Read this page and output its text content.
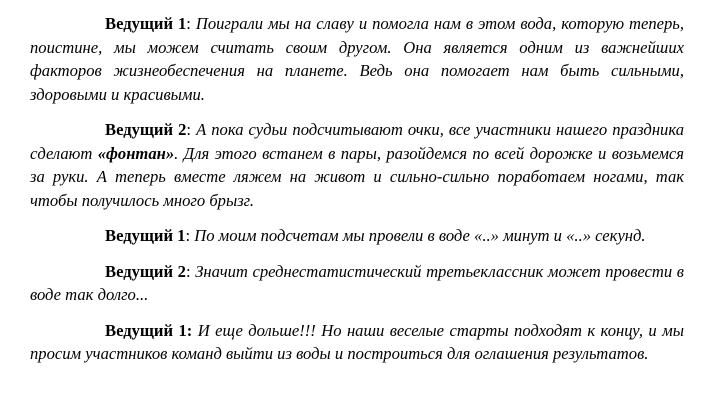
Ведущий 1: Поиграли мы на славу и помогла нам в этом вода, которую теперь, поистине, мы можем считать своим другом. Она является одним из важнейших факторов жизнеобеспечения на планете. Ведь она помогает нам быть сильными, здоровыми и красивыми.

Ведущий 2: А пока судьи подсчитывают очки, все участники нашего праздника сделают «фонтан». Для этого встанем в пары, разойдемся по всей дорожке и возьмемся за руки. А теперь вместе ляжем на живот и сильно-сильно поработаем ногами, так чтобы получилось много брызг.

Ведущий 1: По моим подсчетам мы провели в воде «..» минут и «..» секунд.

Ведущий 2: Значит среднестатистический третьеклассник может провести в воде так долго...

Ведущий 1: И еще дольше!!! Но наши веселые старты подходят к концу, и мы просим участников команд выйти из воды и построиться для оглашения результатов.
